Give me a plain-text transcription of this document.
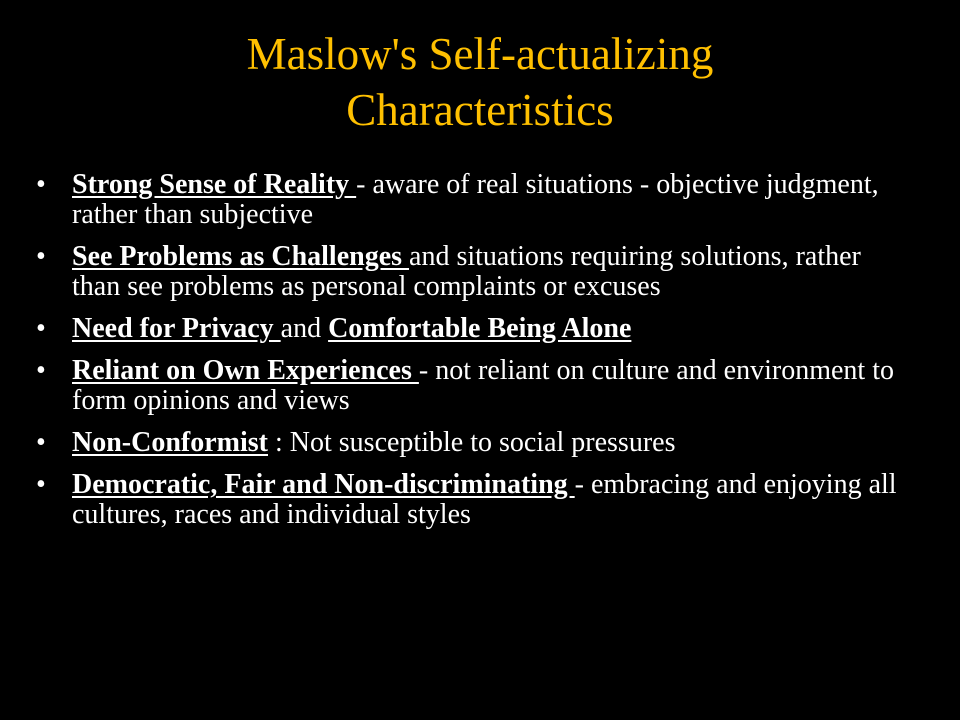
Maslow's Self-actualizing
Characteristics
• Strong Sense of Reality - aware of real situations - objective judgment, rather than subjective
• See Problems as Challenges and situations requiring solutions, rather than see problems as personal complaints or excuses
• Need for Privacy and Comfortable Being Alone
• Reliant on Own Experiences - not reliant on culture and environment to form opinions and views
• Non-Conformist : Not susceptible to social pressures
• Democratic, Fair and Non-discriminating - embracing and enjoying all cultures, races and individual styles
